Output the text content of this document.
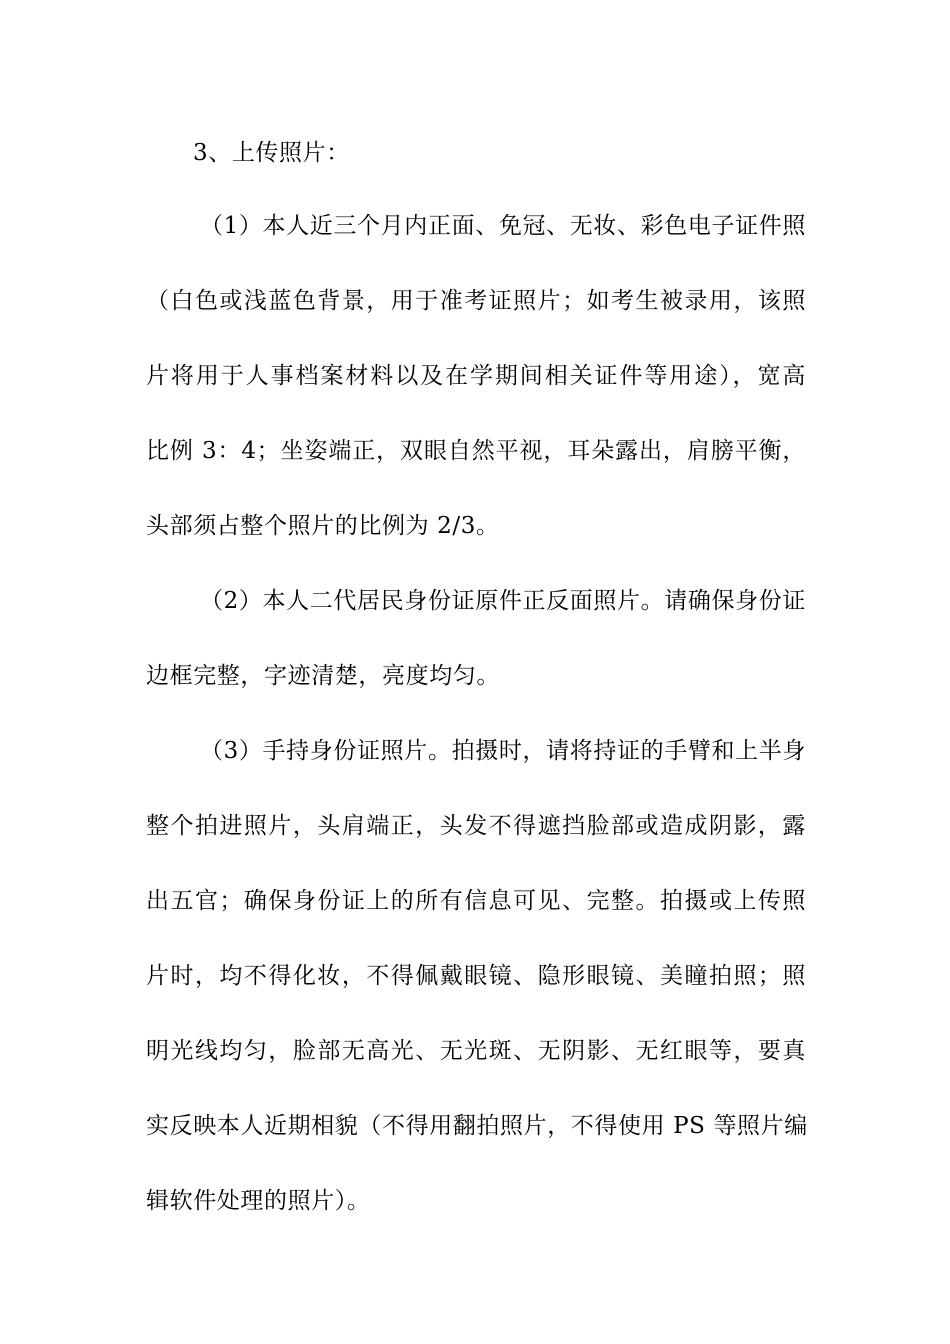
3、上传照片：
（1）本人近三个月内正面、免冠、无妆、彩色电子证件照
（白色或浅蓝色背景，用于准考证照片；如考生被录用，该照
片将用于人事档案材料以及在学期间相关证件等用途），宽高
比例 3：4；坐姿端正，双眼自然平视，耳朵露出，肩膀平衡，
头部须占整个照片的比例为 2/3。
（2）本人二代居民身份证原件正反面照片。请确保身份证
边框完整，字迹清楚，亮度均匀。
（3）手持身份证照片。拍摄时，请将持证的手臂和上半身
整个拍进照片，头肩端正，头发不得遮挡脸部或造成阴影，露
出五官；确保身份证上的所有信息可见、完整。拍摄或上传照
片时，均不得化妆，不得佩戴眼镜、隐形眼镜、美瞳拍照；照
明光线均匀，脸部无高光、无光斑、无阴影、无红眼等，要真
实反映本人近期相貌（不得用翻拍照片，不得使用 PS 等照片编
辑软件处理的照片）。
